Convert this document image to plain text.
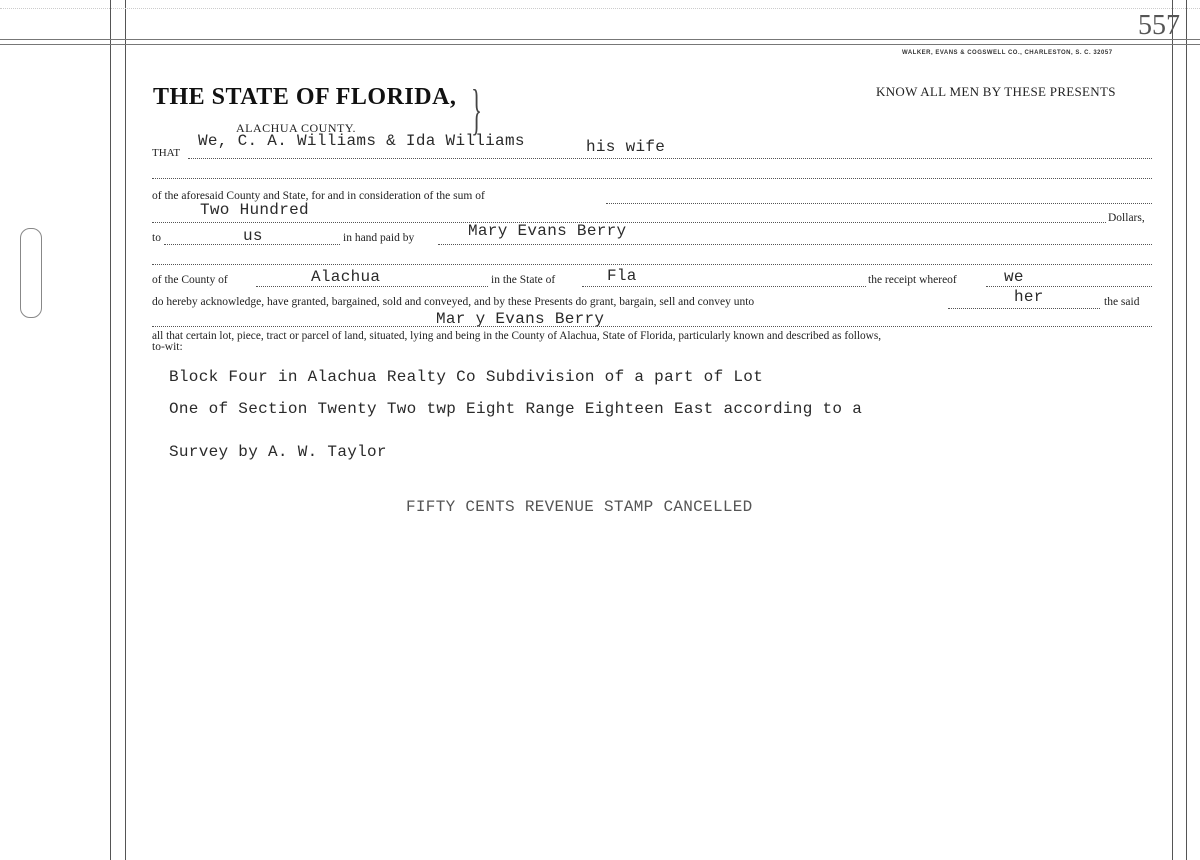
557
WALKER, EVANS & COGSWELL CO., CHARLESTON, S. C. 32057
THE STATE OF FLORIDA, }	KNOW ALL MEN BY THESE PRESENTS
ALACHUA COUNTY.
THAT
We, C. A. Williams & Ida Williams	his wife
of the aforesaid County and State, for and in consideration of the sum of
Two Hundred	Dollars,
to	us	in hand paid by	Mary Evans Berry
of the County of	Alachua	in the State of	Fla	the receipt whereof	we
do hereby acknowledge, have granted, bargained, sold and conveyed, and by these Presents do grant, bargain, sell and convey unto	her	the said
Mar y Evans Berry
all that certain lot, piece, tract or parcel of land, situated, lying and being in the County of Alachua, State of Florida, particularly known and described as follows,
to-wit:
Block Four in Alachua Realty Co Subdivision of a part of Lot
One of Section Twenty Two twp Eight Range Eighteen East according to a
Survey by A. W. Taylor
FIFTY CENTS REVENUE STAMP CANCELLED
